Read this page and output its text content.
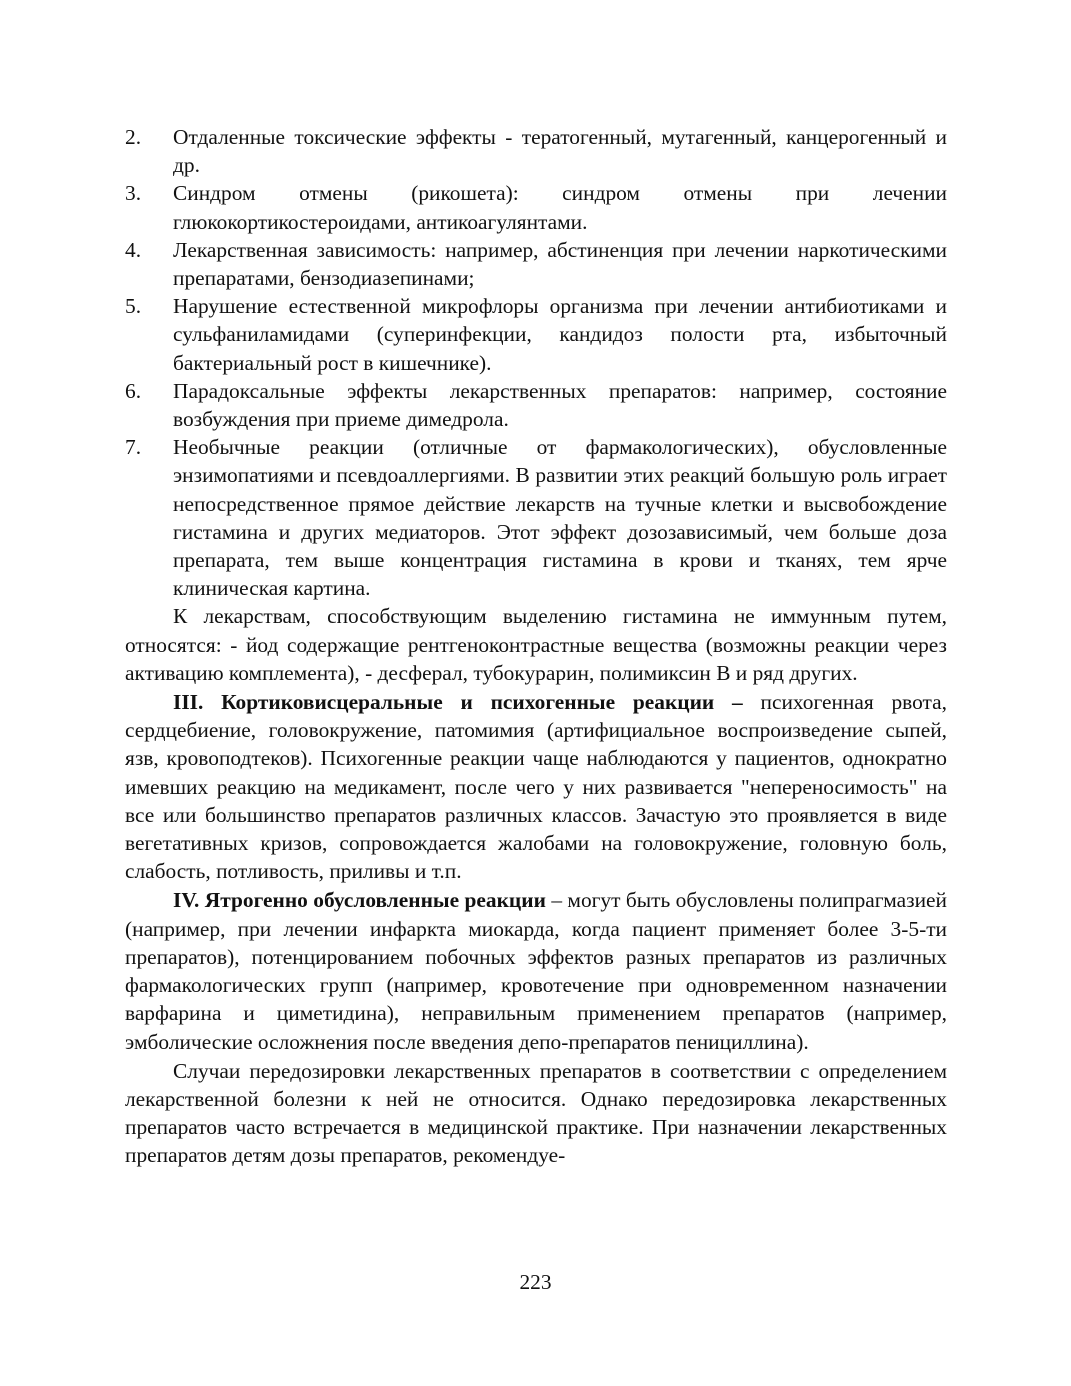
2.	Отдаленные токсические эффекты - тератогенный, мутагенный, канцерогенный и др.
3.	Синдром отмены (рикошета): синдром отмены при лечении глюкокортикостероидами, антикоагулянтами.
4.	Лекарственная зависимость: например, абстиненция при лечении наркотическими препаратами, бензодиазепинами;
5.	Нарушение естественной микрофлоры организма при лечении антибиотиками и сульфаниламидами (суперинфекции, кандидоз полости рта, избыточный бактериальный рост в кишечнике).
6.	Парадоксальные эффекты лекарственных препаратов: например, состояние возбуждения при приеме димедрола.
7.	Необычные реакции (отличные от фармакологических), обусловленные энзимопатиями и псевдоаллергиями. В развитии этих реакций большую роль играет непосредственное прямое действие лекарств на тучные клетки и высвобождение гистамина и других медиаторов. Этот эффект дозозависимый, чем больше доза препарата, тем выше концентрация гистамина в крови и тканях, тем ярче клиническая картина.

К лекарствам, способствующим выделению гистамина не иммунным путем, относятся: - йод содержащие рентгеноконтрастные вещества (возможны реакции через активацию комплемента), - десферал, тубокурарин, полимиксин В и ряд других.

III. Кортиковисцеральные и психогенные реакции – психогенная рвота, сердцебиение, головокружение, патомимия (артифициальное воспроизведение сыпей, язв, кровоподтеков). Психогенные реакции чаще наблюдаются у пациентов, однократно имевших реакцию на медикамент, после чего у них развивается "непереносимость" на все или большинство препаратов различных классов. Зачастую это проявляется в виде вегетативных кризов, сопровождается жалобами на головокружение, головную боль, слабость, потливость, приливы и т.п.

IV. Ятрогенно обусловленные реакции – могут быть обусловлены полипрагмазией (например, при лечении инфаркта миокарда, когда пациент применяет более 3-5-ти препаратов), потенцированием побочных эффектов разных препаратов из различных фармакологических групп (например, кровотечение при одновременном назначении варфарина и циметидина), неправильным применением препаратов (например, эмболические осложнения после введения депо-препаратов пенициллина).

Случаи передозировки лекарственных препаратов в соответствии с определением лекарственной болезни к ней не относится. Однако передозировка лекарственных препаратов часто встречается в медицинской практике. При назначении лекарственных препаратов детям дозы препаратов, рекомендуе-

223
